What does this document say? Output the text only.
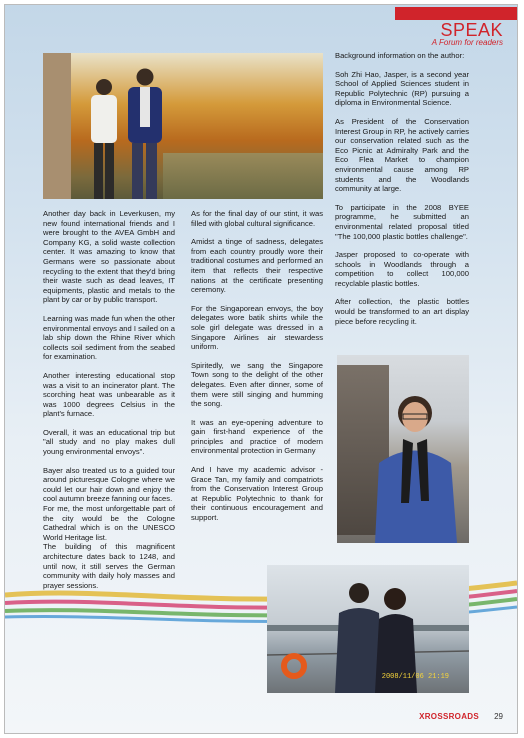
SPEAK
A Forum for readers

Another day back in Leverkusen, my new found international friends and I were brought to the AVEA GmbH and Company KG, a solid waste collection center. It was amazing to know that Germans were so passionate about recycling to the extent that they'd bring their waste such as dead leaves, IT equipments, plastic and metals to the plant by car or by public transport.

Learning was made fun when the other environmental envoys and I sailed on a lab ship down the Rhine River which collects soil sediment from the seabed for examination.

Another interesting educational stop was a visit to an incinerator plant. The scorching heat was unbearable as it was 1000 degrees Celsius in the plant's furnace.

Overall, it was an educational trip but "all study and no play makes dull young environmental envoys".

Bayer also treated us to a guided tour around picturesque Cologne where we could let our hair down and enjoy the cool autumn breeze fanning our faces.

For me, the most unforgettable part of the city would be the Cologne Cathedral which is on the UNESCO World Heritage list.

The building of this magnificent architecture dates back to 1248, and until now, it still serves the German community with daily holy masses and prayer sessions.

As for the final day of our stint, it was filled with global cultural significance.

Amidst a tinge of sadness, delegates from each country proudly wore their traditional costumes and performed an item that reflects their respective nations at the certificate presenting ceremony.

For the Singaporean envoys, the boy delegates wore batik shirts while the sole girl delegate was dressed in a Singapore Airlines air stewardess uniform.

Spiritedly, we sang the Singapore Town song to the delight of the other delegates. Even after dinner, some of them were still singing and humming the song.

It was an eye-opening adventure to gain first-hand experience of the principles and practice of modern environmental protection in Germany

And I have my academic advisor - Grace Tan, my family and compatriots from the Conservation Interest Group at Republic Polytechnic to thank for their continuous encouragement and support.

Background information on the author:

Soh Zhi Hao, Jasper, is a second year School of Applied Sciences student in Republic Polytechnic (RP) pursuing a diploma in Environmental Science.

As President of the Conservation Interest Group in RP, he actively carries our conservation related such as the Eco Picnic at Admiralty Park and the Eco Flea Market to champion environmental cause among RP students and the Woodlands community at large.

To participate in the 2008 BYEE programme, he submitted an environmental related proposal titled "The 100,000 plastic bottles challenge".

Jasper proposed to co-operate with schools in Woodlands through a competition to collect 100,000 recyclable plastic bottles.

After collection, the plastic bottles would be transformed to an art display piece before recycling it.

2008/11/06 21:19
XROSSROADS 29
